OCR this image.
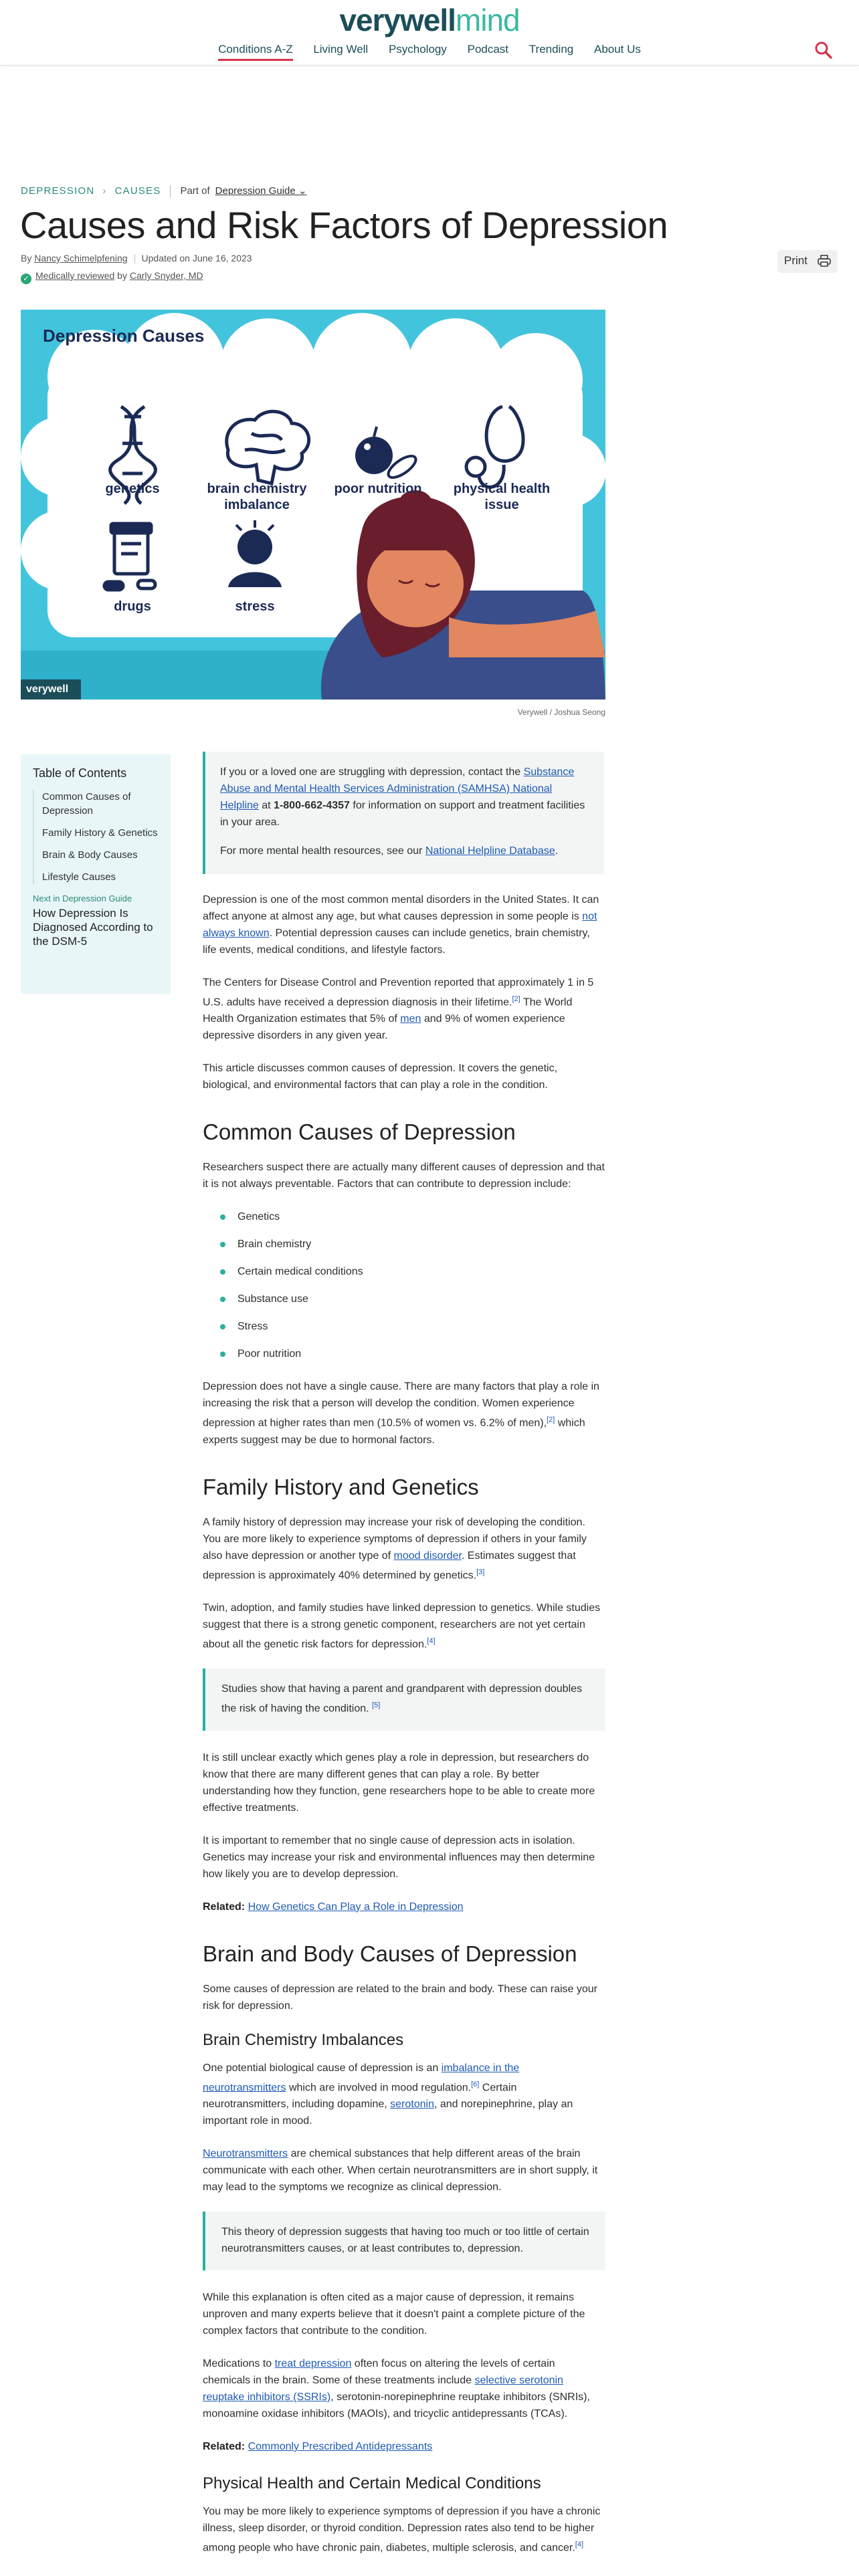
verywellmind
Conditions A-Z Living Well Psychology Podcast Trending About Us
DEPRESSION › CAUSES Part of Depression Guide ⌄
Causes and Risk Factors of Depression
By Nancy Schimelpfening Updated on June 16, 2023
✓ Medically reviewed by Carly Snyder, MD
Print
Depression Causes
genetics	brain chemistry imbalance
poor nutrition	physical health issue
drugs	stress
verywell
Verywell / Joshua Seong
Table of Contents
Common Causes of Depression
Family History & Genetics
Brain & Body Causes
Lifestyle Causes
Next in Depression Guide
How Depression Is Diagnosed According to the DSM-5

If you or a loved one are struggling with depression, contact the Substance Abuse and Mental Health Services Administration (SAMHSA) National Helpline at 1-800-662-4357 for information on support and treatment facilities in your area.

For more mental health resources, see our National Helpline Database.

Depression is one of the most common mental disorders in the United States. It can affect anyone at almost any age, but what causes depression in some people is not always known. Potential depression causes can include genetics, brain chemistry, life events, medical conditions, and lifestyle factors.

The Centers for Disease Control and Prevention reported that approximately 1 in 5 U.S. adults have received a depression diagnosis in their lifetime.[2] The World Health Organization estimates that 5% of men and 9% of women experience depressive disorders in any given year.

This article discusses common causes of depression. It covers the genetic, biological, and environmental factors that can play a role in the condition.

Common Causes of Depression

Researchers suspect there are actually many different causes of depression and that it is not always preventable. Factors that can contribute to depression include:

Genetics
Brain chemistry
Certain medical conditions
Substance use
Stress
Poor nutrition

Depression does not have a single cause. There are many factors that play a role in increasing the risk that a person will develop the condition. Women experience depression at higher rates than men (10.5% of women vs. 6.2% of men),[2] which experts suggest may be due to hormonal factors.

Family History and Genetics

A family history of depression may increase your risk of developing the condition. You are more likely to experience symptoms of depression if others in your family also have depression or another type of mood disorder. Estimates suggest that depression is approximately 40% determined by genetics.[3]

Twin, adoption, and family studies have linked depression to genetics. While studies suggest that there is a strong genetic component, researchers are not yet certain about all the genetic risk factors for depression.[4]

Studies show that having a parent and grandparent with depression doubles the risk of having the condition. [5]

It is still unclear exactly which genes play a role in depression, but researchers do know that there are many different genes that can play a role. By better understanding how they function, gene researchers hope to be able to create more effective treatments.

It is important to remember that no single cause of depression acts in isolation. Genetics may increase your risk and environmental influences may then determine how likely you are to develop depression.

Related: How Genetics Can Play a Role in Depression

Brain and Body Causes of Depression

Some causes of depression are related to the brain and body. These can raise your risk for depression.

Brain Chemistry Imbalances

One potential biological cause of depression is an imbalance in the neurotransmitters which are involved in mood regulation.[6] Certain neurotransmitters, including dopamine, serotonin, and norepinephrine, play an important role in mood.

Neurotransmitters are chemical substances that help different areas of the brain communicate with each other. When certain neurotransmitters are in short supply, it may lead to the symptoms we recognize as clinical depression.

This theory of depression suggests that having too much or too little of certain neurotransmitters causes, or at least contributes to, depression.

While this explanation is often cited as a major cause of depression, it remains unproven and many experts believe that it doesn't paint a complete picture of the complex factors that contribute to the condition.

Medications to treat depression often focus on altering the levels of certain chemicals in the brain. Some of these treatments include selective serotonin reuptake inhibitors (SSRIs), serotonin-norepinephrine reuptake inhibitors (SNRIs), monoamine oxidase inhibitors (MAOIs), and tricyclic antidepressants (TCAs).

Related: Commonly Prescribed Antidepressants

Physical Health and Certain Medical Conditions

You may be more likely to experience symptoms of depression if you have a chronic illness, sleep disorder, or thyroid condition. Depression rates also tend to be higher among people who have chronic pain, diabetes, multiple sclerosis, and cancer.[4]
